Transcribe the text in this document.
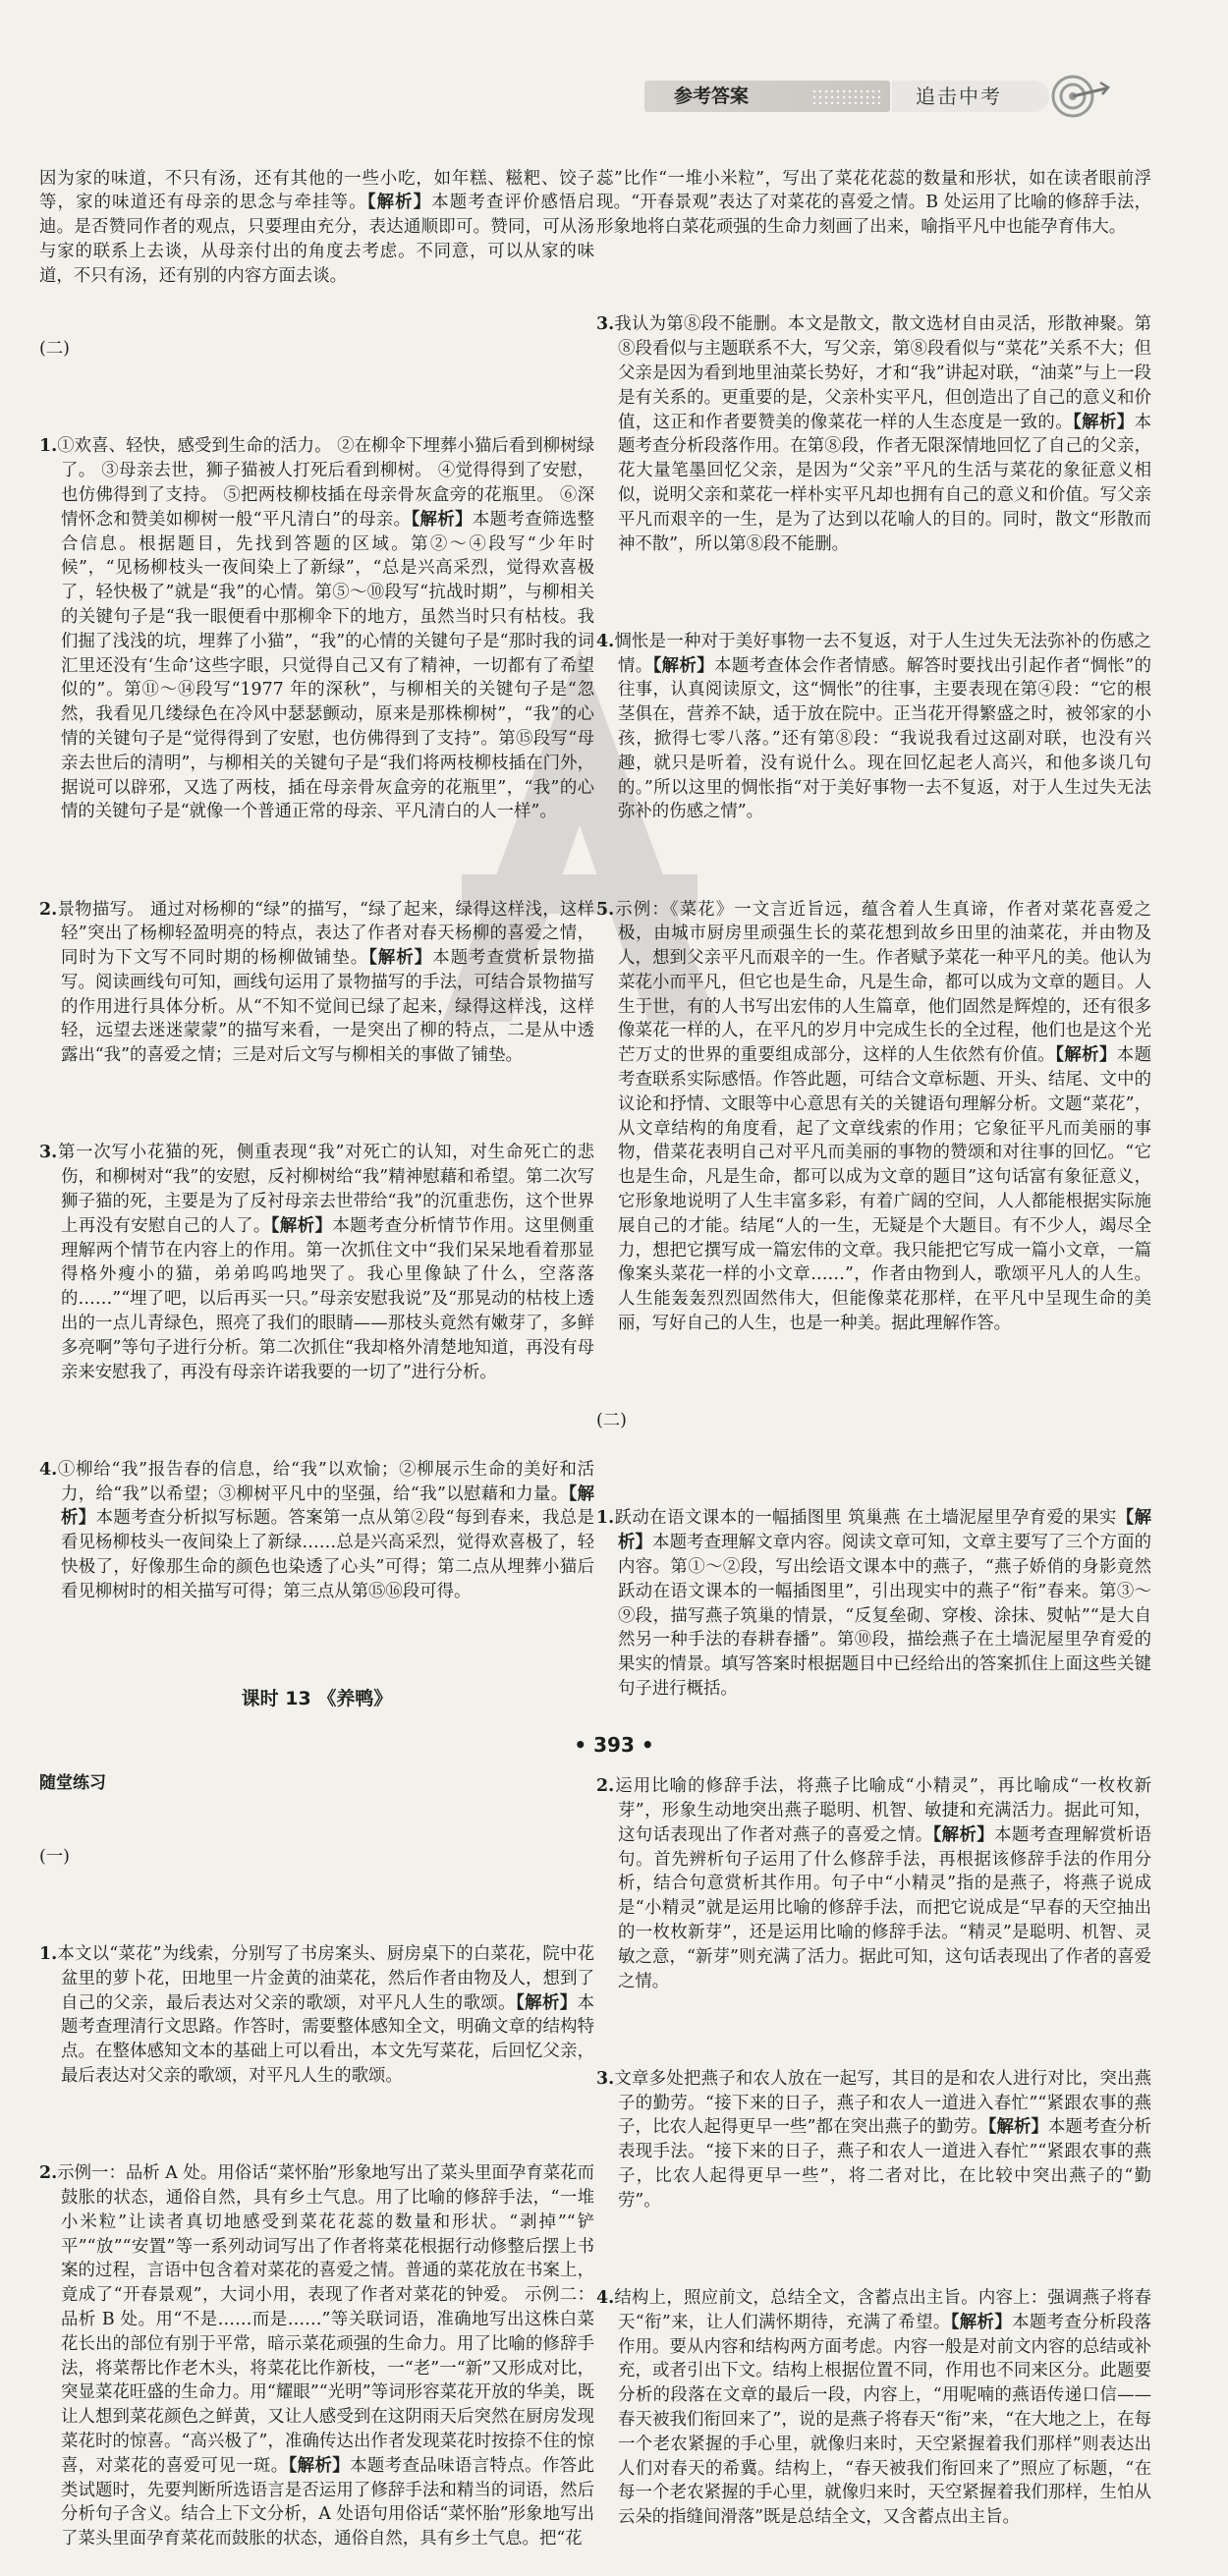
参考答案	追击中考

因为家的味道，不只有汤，还有其他的一些小吃，如年糕、糍粑、饺子等，家的味道还有母亲的思念与牵挂等。【解析】本题考查评价感悟启迪。是否赞同作者的观点，只要理由充分，表达通顺即可。赞同，可从汤与家的联系上去谈，从母亲付出的角度去考虑。不同意，可以从家的味道，不只有汤，还有别的内容方面去谈。

(二)

1.①欢喜、轻快，感受到生命的活力。 ②在柳伞下埋葬小猫后看到柳树绿了。 ③母亲去世，狮子猫被人打死后看到柳树。 ④觉得得到了安慰，也仿佛得到了支持。 ⑤把两枝柳枝插在母亲骨灰盒旁的花瓶里。 ⑥深情怀念和赞美如柳树一般“平凡清白”的母亲。【解析】本题考查筛选整合信息。根据题目，先找到答题的区域。第②～④段写“少年时候”，“见杨柳枝头一夜间染上了新绿”，“总是兴高采烈，觉得欢喜极了，轻快极了”就是“我”的心情。第⑤～⑩段写“抗战时期”，与柳相关的关键句子是“我一眼便看中那柳伞下的地方，虽然当时只有枯枝。我们掘了浅浅的坑，埋葬了小猫”，“我”的心情的关键句子是“那时我的词汇里还没有‘生命’这些字眼，只觉得自己又有了精神，一切都有了希望似的”。第⑪～⑭段写“1977 年的深秋”，与柳相关的关键句子是“忽然，我看见几缕绿色在冷风中瑟瑟颤动，原来是那株柳树”，“我”的心情的关键句子是“觉得得到了安慰，也仿佛得到了支持”。第⑮段写“母亲去世后的清明”，与柳相关的关键句子是“我们将两枝柳枝插在门外，据说可以辟邪，又选了两枝，插在母亲骨灰盒旁的花瓶里”，“我”的心情的关键句子是“就像一个普通正常的母亲、平凡清白的人一样”。

2.景物描写。 通过对杨柳的“绿”的描写，“绿了起来，绿得这样浅，这样轻”突出了杨柳轻盈明亮的特点，表达了作者对春天杨柳的喜爱之情，同时为下文写不同时期的杨柳做铺垫。【解析】本题考查赏析景物描写。阅读画线句可知，画线句运用了景物描写的手法，可结合景物描写的作用进行具体分析。从“不知不觉间已绿了起来，绿得这样浅，这样轻，远望去迷迷蒙蒙”的描写来看，一是突出了柳的特点，二是从中透露出“我”的喜爱之情；三是对后文写与柳相关的事做了铺垫。

3.第一次写小花猫的死，侧重表现“我”对死亡的认知，对生命死亡的悲伤，和柳树对“我”的安慰，反衬柳树给“我”精神慰藉和希望。第二次写狮子猫的死，主要是为了反衬母亲去世带给“我”的沉重悲伤，这个世界上再没有安慰自己的人了。【解析】本题考查分析情节作用。这里侧重理解两个情节在内容上的作用。第一次抓住文中“我们呆呆地看着那显得格外瘦小的猫，弟弟呜呜地哭了。我心里像缺了什么，空落落的……”“埋了吧，以后再买一只。”母亲安慰我说”及“那晃动的枯枝上透出的一点儿青绿色，照亮了我们的眼睛——那枝头竟然有嫩芽了，多鲜多亮啊”等句子进行分析。第二次抓住“我却格外清楚地知道，再没有母亲来安慰我了，再没有母亲许诺我要的一切了”进行分析。

4.①柳给“我”报告春的信息，给“我”以欢愉；②柳展示生命的美好和活力，给“我”以希望；③柳树平凡中的坚强，给“我”以慰藉和力量。【解析】本题考查分析拟写标题。答案第一点从第②段“每到春来，我总是看见杨柳枝头一夜间染上了新绿……总是兴高采烈，觉得欢喜极了，轻快极了，好像那生命的颜色也染透了心头”可得；第二点从埋葬小猫后看见柳树时的相关描写可得；第三点从第⑮⑯段可得。

课时 13 《养鸭》

随堂练习

(一)

1.本文以“菜花”为线索，分别写了书房案头、厨房桌下的白菜花，院中花盆里的萝卜花，田地里一片金黄的油菜花，然后作者由物及人，想到了自己的父亲，最后表达对父亲的歌颂，对平凡人生的歌颂。【解析】本题考查理清行文思路。作答时，需要整体感知全文，明确文章的结构特点。在整体感知文本的基础上可以看出，本文先写菜花，后回忆父亲，最后表达对父亲的歌颂，对平凡人生的歌颂。

2.示例一：品析 A 处。用俗话“菜怀胎”形象地写出了菜头里面孕育菜花而鼓胀的状态，通俗自然，具有乡土气息。用了比喻的修辞手法，“一堆小米粒”让读者真切地感受到菜花花蕊的数量和形状。“剥掉”“铲平”“放”“安置”等一系列动词写出了作者将菜花根据行动修整后摆上书案的过程，言语中包含着对菜花的喜爱之情。普通的菜花放在书案上，竟成了“开春景观”，大词小用，表现了作者对菜花的钟爱。 示例二：品析 B 处。用“不是……而是……”等关联词语，准确地写出这株白菜花长出的部位有别于平常，暗示菜花顽强的生命力。用了比喻的修辞手法，将菜帮比作老木头，将菜花比作新枝，一“老”一“新”又形成对比，突显菜花旺盛的生命力。用“耀眼”“光明”等词形容菜花开放的华美，既让人想到菜花颜色之鲜黄，又让人感受到在这阴雨天后突然在厨房发现菜花时的惊喜。“高兴极了”，准确传达出作者发现菜花时按捺不住的惊喜，对菜花的喜爱可见一斑。【解析】本题考查品味语言特点。作答此类试题时，先要判断所选语言是否运用了修辞手法和精当的词语，然后分析句子含义。结合上下文分析，A 处语句用俗话“菜怀胎”形象地写出了菜头里面孕育菜花而鼓胀的状态，通俗自然，具有乡土气息。把“花

蕊”比作“一堆小米粒”，写出了菜花花蕊的数量和形状，如在读者眼前浮现。“开春景观”表达了对菜花的喜爱之情。B 处运用了比喻的修辞手法，形象地将白菜花顽强的生命力刻画了出来，喻指平凡中也能孕育伟大。

3.我认为第⑧段不能删。本文是散文，散文选材自由灵活，形散神聚。第⑧段看似与主题联系不大，写父亲，第⑧段看似与“菜花”关系不大；但父亲是因为看到地里油菜长势好，才和“我”讲起对联，“油菜”与上一段是有关系的。更重要的是，父亲朴实平凡，但创造出了自己的意义和价值，这正和作者要赞美的像菜花一样的人生态度是一致的。【解析】本题考查分析段落作用。在第⑧段，作者无限深情地回忆了自己的父亲，花大量笔墨回忆父亲，是因为“父亲”平凡的生活与菜花的象征意义相似，说明父亲和菜花一样朴实平凡却也拥有自己的意义和价值。写父亲平凡而艰辛的一生，是为了达到以花喻人的目的。同时，散文“形散而神不散”，所以第⑧段不能删。

4.惆怅是一种对于美好事物一去不复返，对于人生过失无法弥补的伤感之情。【解析】本题考查体会作者情感。解答时要找出引起作者“惆怅”的往事，认真阅读原文，这“惆怅”的往事，主要表现在第④段：“它的根茎俱在，营养不缺，适于放在院中。正当花开得繁盛之时，被邻家的小孩，掀得七零八落。”还有第⑧段：“我说我看过这副对联，也没有兴趣，就只是听着，没有说什么。现在回忆起老人高兴，和他多谈几句的。”所以这里的惆怅指“对于美好事物一去不复返，对于人生过失无法弥补的伤感之情”。

5.示例：《菜花》一文言近旨远，蕴含着人生真谛，作者对菜花喜爱之极，由城市厨房里顽强生长的菜花想到故乡田里的油菜花，并由物及人，想到父亲平凡而艰辛的一生。作者赋予菜花一种平凡的美。他认为菜花小而平凡，但它也是生命，凡是生命，都可以成为文章的题目。人生于世，有的人书写出宏伟的人生篇章，他们固然是辉煌的，还有很多像菜花一样的人，在平凡的岁月中完成生长的全过程，他们也是这个光芒万丈的世界的重要组成部分，这样的人生依然有价值。【解析】本题考查联系实际感悟。作答此题，可结合文章标题、开头、结尾、文中的议论和抒情、文眼等中心意思有关的关键语句理解分析。文题“菜花”，从文章结构的角度看，起了文章线索的作用；它象征平凡而美丽的事物，借菜花表明自己对平凡而美丽的事物的赞颂和对往事的回忆。“它也是生命，凡是生命，都可以成为文章的题目”这句话富有象征意义，它形象地说明了人生丰富多彩，有着广阔的空间，人人都能根据实际施展自己的才能。结尾“人的一生，无疑是个大题目。有不少人，竭尽全力，想把它撰写成一篇宏伟的文章。我只能把它写成一篇小文章，一篇像案头菜花一样的小文章……”，作者由物到人，歌颂平凡人的人生。人生能轰轰烈烈固然伟大，但能像菜花那样，在平凡中呈现生命的美丽，写好自己的人生，也是一种美。据此理解作答。

(二)

1.跃动在语文课本的一幅插图里 筑巢燕 在土墙泥屋里孕育爱的果实【解析】本题考查理解文章内容。阅读文章可知，文章主要写了三个方面的内容。第①～②段，写出绘语文课本中的燕子，“燕子娇俏的身影竟然跃动在语文课本的一幅插图里”，引出现实中的燕子“衔”春来。第③～⑨段，描写燕子筑巢的情景，“反复垒砌、穿梭、涂抹、熨帖”“是大自然另一种手法的春耕春播”。第⑩段，描绘燕子在土墙泥屋里孕育爱的果实的情景。填写答案时根据题目中已经给出的答案抓住上面这些关键句子进行概括。

2.运用比喻的修辞手法，将燕子比喻成“小精灵”，再比喻成“一枚枚新芽”，形象生动地突出燕子聪明、机智、敏捷和充满活力。据此可知，这句话表现出了作者对燕子的喜爱之情。【解析】本题考查理解赏析语句。首先辨析句子运用了什么修辞手法，再根据该修辞手法的作用分析，结合句意赏析其作用。句子中“小精灵”指的是燕子，将燕子说成是“小精灵”就是运用比喻的修辞手法，而把它说成是“早春的天空抽出的一枚枚新芽”，还是运用比喻的修辞手法。“精灵”是聪明、机智、灵敏之意，“新芽”则充满了活力。据此可知，这句话表现出了作者的喜爱之情。

3.文章多处把燕子和农人放在一起写，其目的是和农人进行对比，突出燕子的勤劳。“接下来的日子，燕子和农人一道进入春忙”“紧跟农事的燕子，比农人起得更早一些”都在突出燕子的勤劳。【解析】本题考查分析表现手法。“接下来的日子，燕子和农人一道进入春忙”“紧跟农事的燕子，比农人起得更早一些”，将二者对比，在比较中突出燕子的“勤劳”。

4.结构上，照应前文，总结全文，含蓄点出主旨。内容上：强调燕子将春天“衔”来，让人们满怀期待，充满了希望。【解析】本题考查分析段落作用。要从内容和结构两方面考虑。内容一般是对前文内容的总结或补充，或者引出下文。结构上根据位置不同，作用也不同来区分。此题要分析的段落在文章的最后一段，内容上，“用呢喃的燕语传递口信——春天被我们衔回来了”，说的是燕子将春天“衔”来，“在大地之上，在每一个老农紧握的手心里，就像归来时，天空紧握着我们那样”则表达出人们对春天的希冀。结构上，“春天被我们衔回来了”照应了标题，“在每一个老农紧握的手心里，就像归来时，天空紧握着我们那样，生怕从云朵的指缝间滑落”既是总结全文，又含蓄点出主旨。

• 393 •
